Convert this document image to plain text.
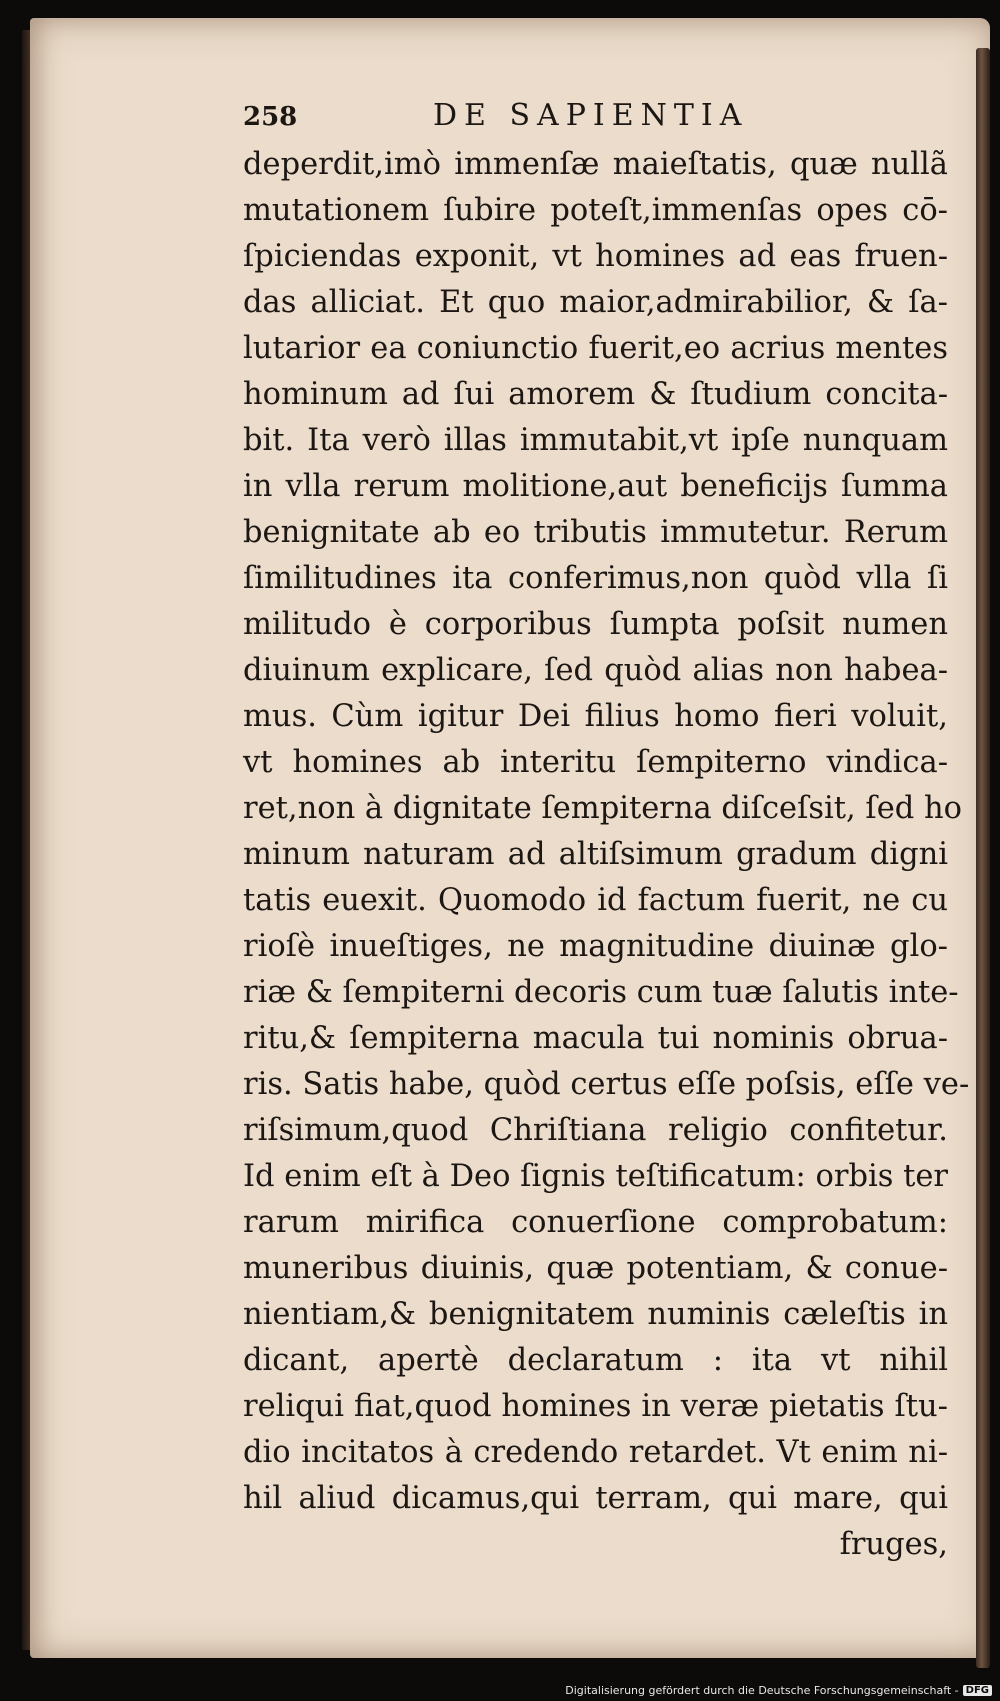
258	DE SAPIENTIA
deperdit,imò immenſæ maieſtatis, quæ nullã
mutationem ſubire poteſt,immenſas opes cō-
ſpiciendas exponit, vt homines ad eas fruen-
das alliciat. Et quo maior,admirabilior, & ſa-
lutarior ea coniunctio fuerit,eo acrius mentes
hominum ad ſui amorem & ſtudium concita-
bit. Ita verò illas immutabit,vt ipſe nunquam
in vlla rerum molitione,aut beneficijs ſumma
benignitate ab eo tributis immutetur. Rerum
ſimilitudines ita conferimus,non quòd vlla ſi
militudo è corporibus ſumpta poſsit numen
diuinum explicare, ſed quòd alias non habea-
mus. Cùm igitur Dei filius homo fieri voluit,
vt homines ab interitu ſempiterno vindica-
ret,non à dignitate ſempiterna diſceſsit, ſed ho
minum naturam ad altiſsimum gradum digni
tatis euexit. Quomodo id factum fuerit, ne cu
rioſè inueſtiges, ne magnitudine diuinæ glo-
riæ & ſempiterni decoris cum tuæ ſalutis inte-
ritu,& ſempiterna macula tui nominis obrua-
ris. Satis habe, quòd certus eſſe poſsis, eſſe ve-
riſsimum,quod Chriſtiana religio confitetur.
Id enim eſt à Deo ſignis teſtificatum: orbis ter
rarum mirifica conuerſione comprobatum:
muneribus diuinis, quæ potentiam, & conue-
nientiam,& benignitatem numinis cæleſtis in
dicant, apertè declaratum : ita vt nihil
reliqui fiat,quod homines in veræ pietatis ſtu-
dio incitatos à credendo retardet. Vt enim ni-
hil aliud dicamus,qui terram, qui mare, qui
fruges,
Digitalisierung gefördert durch die Deutsche Forschungsgemeinschaft - DFG
